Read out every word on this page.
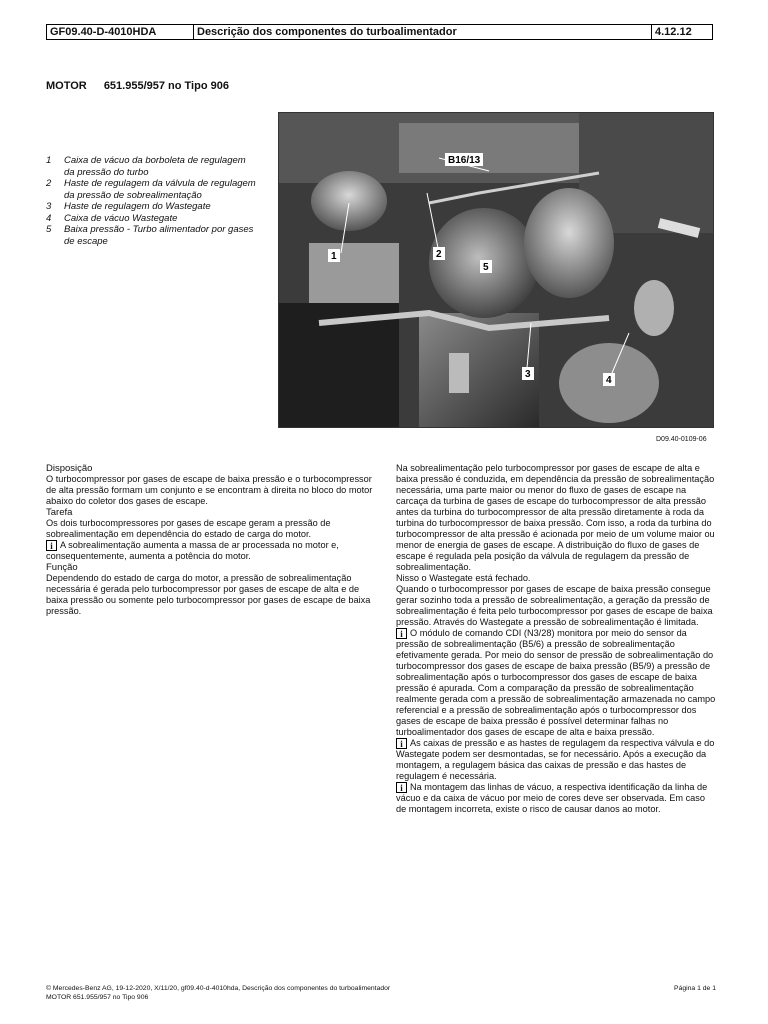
GF09.40-D-4010HDA	Descrição dos componentes do turboalimentador	4.12.12
MOTOR 651.955/957 no Tipo 906
1	Caixa de vácuo da borboleta de regulagem da pressão do turbo
2	Haste de regulagem da válvula de regulagem da pressão de sobrealimentação
3	Haste de regulagem do Wastegate
4	Caixa de vácuo Wastegate
5	Baixa pressão - Turbo alimentador por gases de escape
B16/13
1	2
5
3
4
D09.40-0109-06

Disposição

O turbocompressor por gases de escape de baixa pressão e o turbocompressor de alta pressão formam um conjunto e se encontram à direita no bloco do motor abaixo do coletor dos gases de escape.

Tarefa

Os dois turbocompressores por gases de escape geram a pressão de sobrealimentação em dependência do estado de carga do motor.

i A sobrealimentação aumenta a massa de ar processada no motor e, consequentemente, aumenta a potência do motor.

Função

Dependendo do estado de carga do motor, a pressão de sobrealimentação necessária é gerada pelo turbocompressor por gases de escape de alta e de baixa pressão ou somente pelo turbocompressor por gases de escape de baixa pressão.

Na sobrealimentação pelo turbocompressor por gases de escape de alta e baixa pressão é conduzida, em dependência da pressão de sobrealimentação necessária, uma parte maior ou menor do fluxo de gases de escape na carcaça da turbina de gases de escape do turbocompressor de alta pressão antes da turbina do turbocompressor de alta pressão diretamente à roda da turbina do turbocompressor de baixa pressão. Com isso, a roda da turbina do turbocompressor de alta pressão é acionada por meio de um volume maior ou menor de energia de gases de escape. A distribuição do fluxo de gases de escape é regulada pela posição da válvula de regulagem da pressão de sobrealimentação.

Nisso o Wastegate está fechado.

Quando o turbocompressor por gases de escape de baixa pressão consegue gerar sozinho toda a pressão de sobrealimentação, a geração da pressão de sobrealimentação é feita pelo turbocompressor por gases de escape de baixa pressão. Através do Wastegate a pressão de sobrealimentação é limitada.

i O módulo de comando CDI (N3/28) monitora por meio do sensor da pressão de sobrealimentação (B5/6) a pressão de sobrealimentação efetivamente gerada. Por meio do sensor de pressão de sobrealimentação do turbocompressor dos gases de escape de baixa pressão (B5/9) a pressão de sobrealimentação após o turbocompressor dos gases de escape de baixa pressão é apurada. Com a comparação da pressão de sobrealimentação realmente gerada com a pressão de sobrealimentação armazenada no campo referencial e a pressão de sobrealimentação após o turbocompressor dos gases de escape de baixa pressão é possível determinar falhas no turboalimentador dos gases de escape de alta e baixa pressão.

i As caixas de pressão e as hastes de regulagem da respectiva válvula e do Wastegate podem ser desmontadas, se for necessário. Após a execução da montagem, a regulagem básica das caixas de pressão e das hastes de regulagem é necessária.

i Na montagem das linhas de vácuo, a respectiva identificação da linha de vácuo e da caixa de vácuo por meio de cores deve ser observada. Em caso de montagem incorreta, existe o risco de causar danos ao motor.

© Mercedes-Benz AG, 19-12-2020, X/11/20, gf09.40-d-4010hda, Descrição dos componentes do turboalimentador
MOTOR 651.955/957 no Tipo 906
Página 1 de 1
